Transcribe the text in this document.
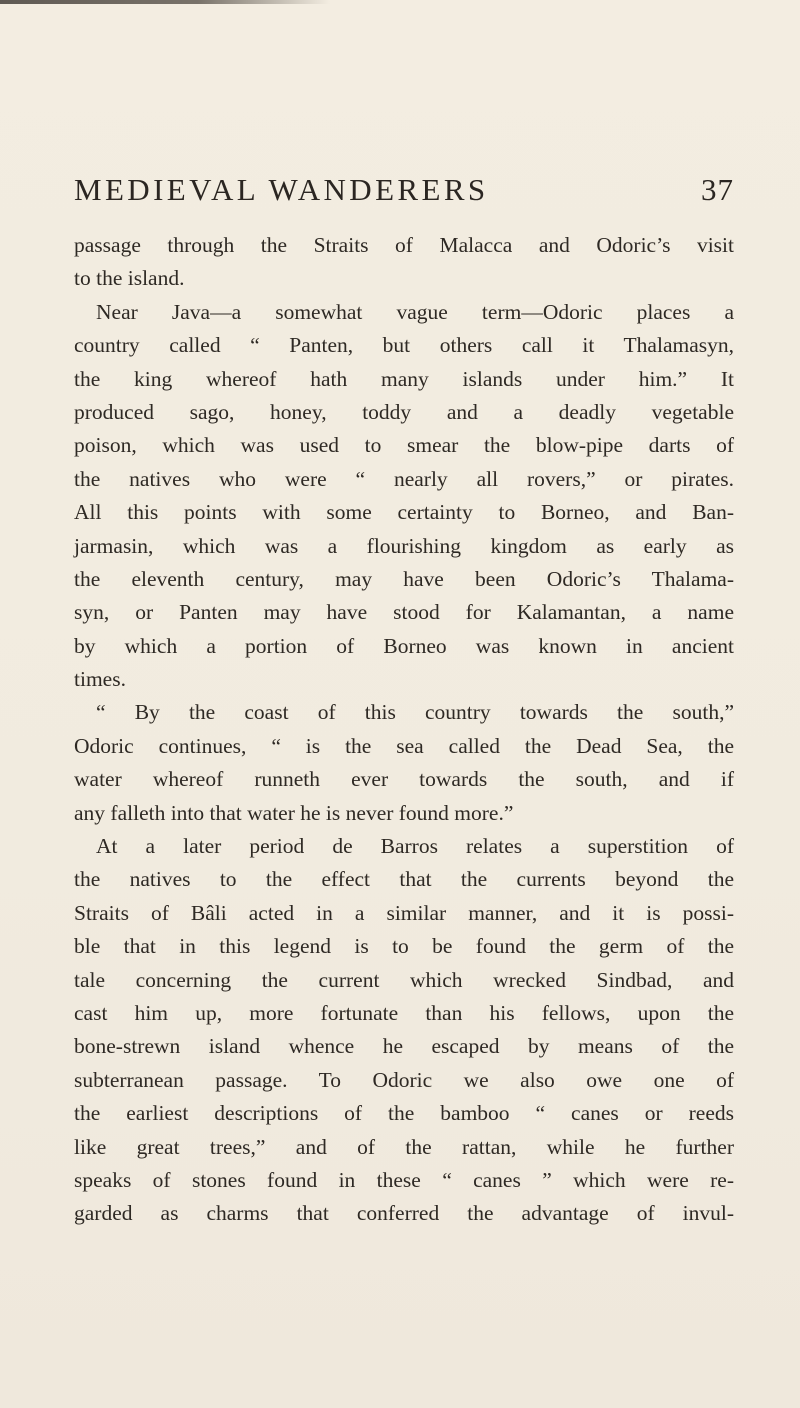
MEDIEVAL WANDERERS	37
passage through the Straits of Malacca and Odoric’s visit
to the island.
Near Java—a somewhat vague term—Odoric places a
country called “ Panten, but others call it Thalamasyn,
the king whereof hath many islands under him.” It
produced sago, honey, toddy and a deadly vegetable
poison, which was used to smear the blow-pipe darts of
the natives who were “ nearly all rovers,” or pirates.
All this points with some certainty to Borneo, and Ban-
jarmasin, which was a flourishing kingdom as early as
the eleventh century, may have been Odoric’s Thalama-
syn, or Panten may have stood for Kalamantan, a name
by which a portion of Borneo was known in ancient
times.
“ By the coast of this country towards the south,”
Odoric continues, “ is the sea called the Dead Sea, the
water whereof runneth ever towards the south, and if
any falleth into that water he is never found more.”
At a later period de Barros relates a superstition of
the natives to the effect that the currents beyond the
Straits of Bâli acted in a similar manner, and it is possi-
ble that in this legend is to be found the germ of the
tale concerning the current which wrecked Sindbad, and
cast him up, more fortunate than his fellows, upon the
bone-strewn island whence he escaped by means of the
subterranean passage. To Odoric we also owe one of
the earliest descriptions of the bamboo “ canes or reeds
like great trees,” and of the rattan, while he further
speaks of stones found in these “ canes ” which were re-
garded as charms that conferred the advantage of invul-
